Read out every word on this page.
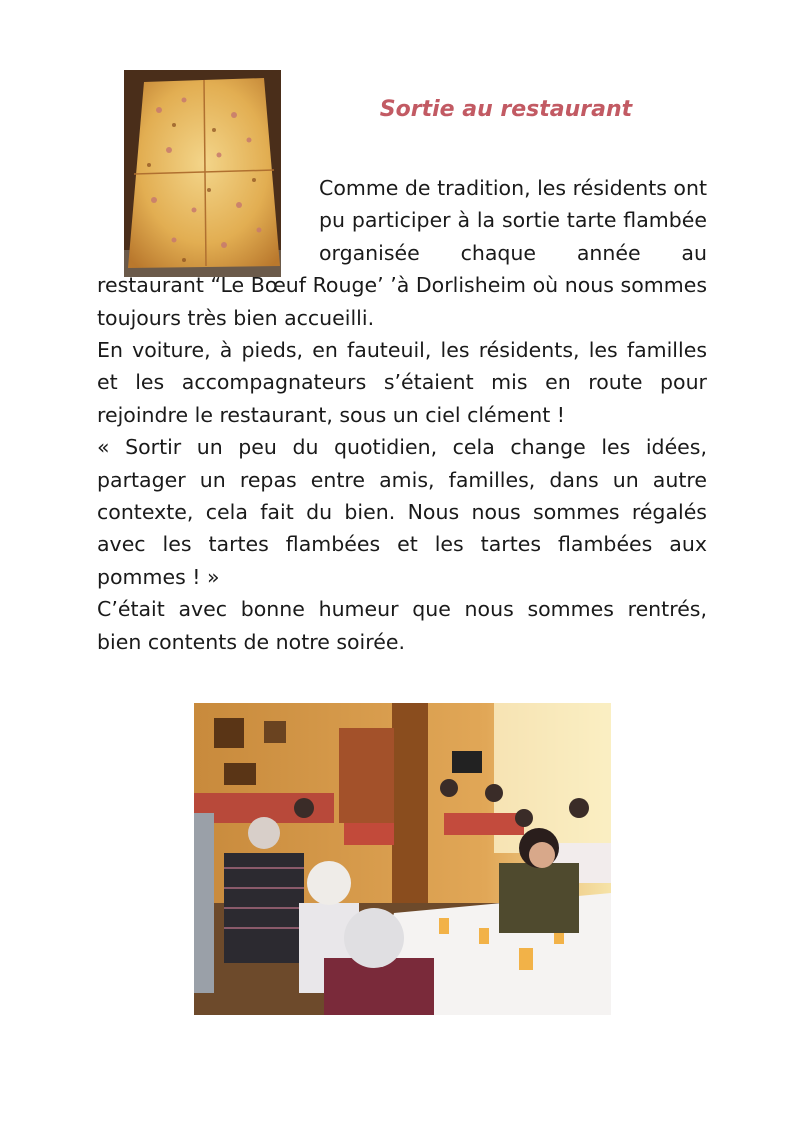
Sortie au restaurant

Comme de tradition, les résidents ont pu participer à la sortie tarte flambée organisée chaque année au restaurant “Le Bœuf Rouge’ ’à Dorlisheim où nous sommes toujours très bien accueilli.

En voiture, à pieds, en fauteuil, les résidents, les familles et les accompagnateurs s’étaient mis en route pour rejoindre le restaurant, sous un ciel clément !

« Sortir un peu du quotidien, cela change les idées, partager un repas entre amis, familles, dans un autre contexte, cela fait du bien. Nous nous sommes régalés avec les tartes flambées et les tartes flambées aux pommes ! »

C’était avec bonne humeur que nous sommes rentrés, bien contents de notre soirée.
